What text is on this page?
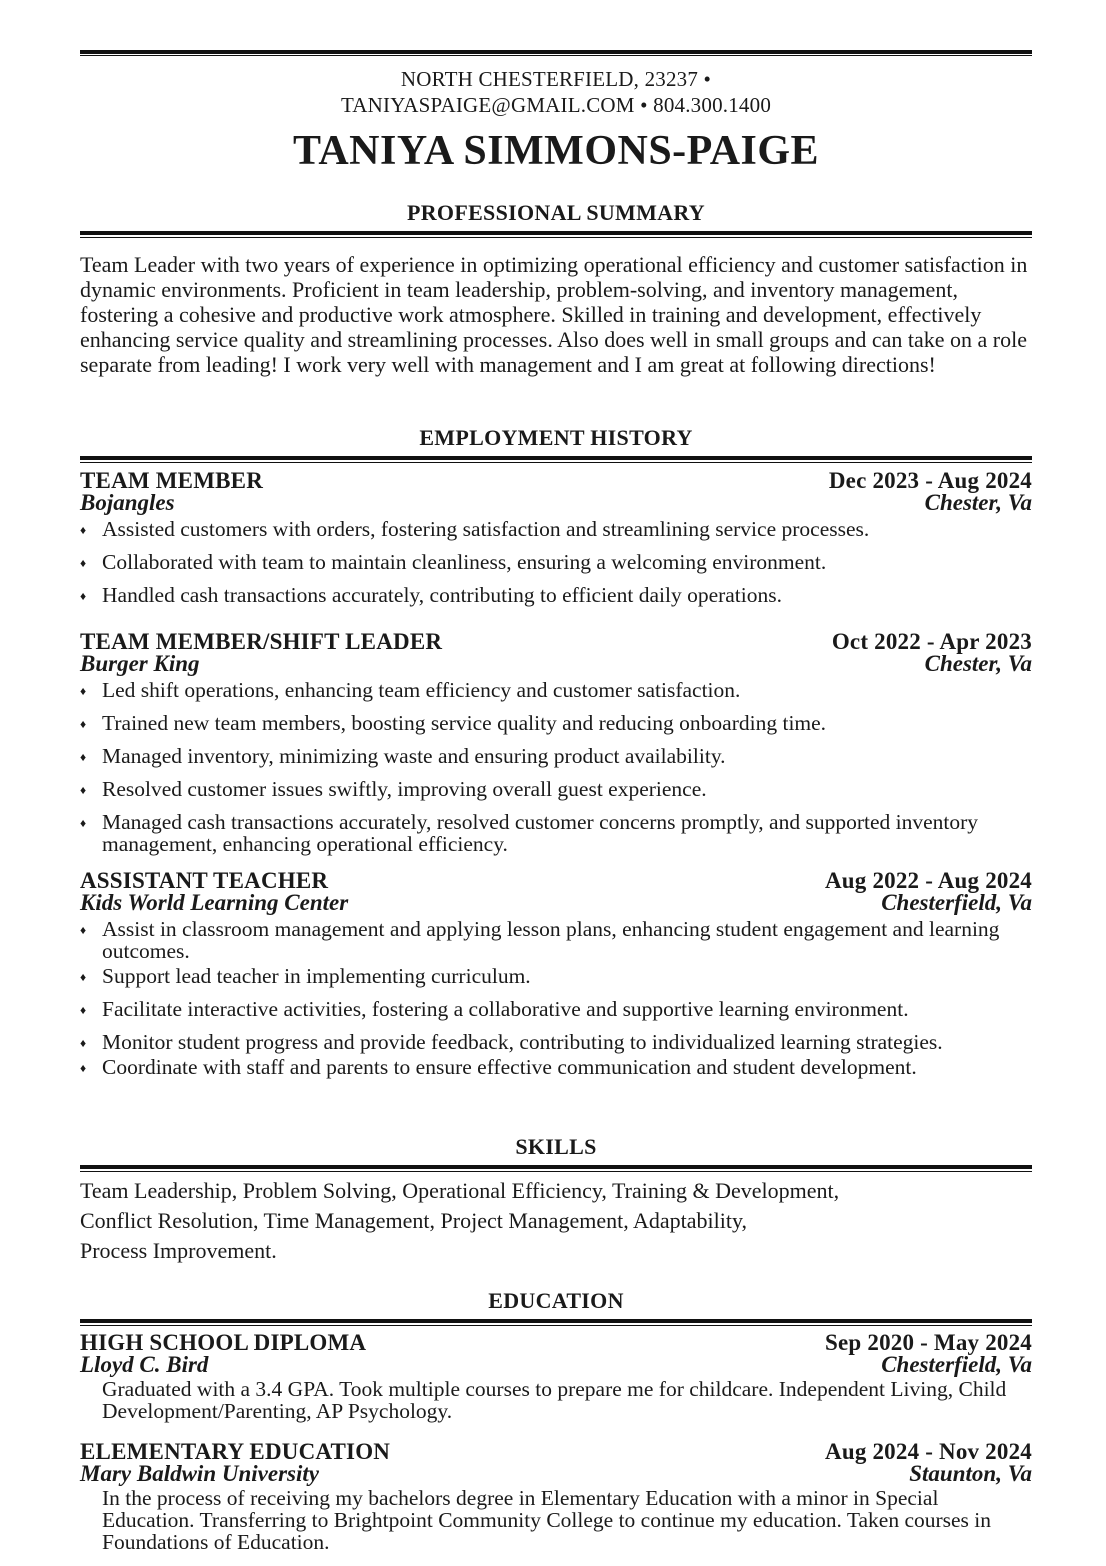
NORTH CHESTERFIELD, 23237 •
TANIYASPAIGE@GMAIL.COM • 804.300.1400
TANIYA SIMMONS-PAIGE
PROFESSIONAL SUMMARY
Team Leader with two years of experience in optimizing operational efficiency and customer satisfaction in dynamic environments. Proficient in team leadership, problem-solving, and inventory management, fostering a cohesive and productive work atmosphere. Skilled in training and development, effectively enhancing service quality and streamlining processes. Also does well in small groups and can take on a role separate from leading! I work very well with management and I am great at following directions!
EMPLOYMENT HISTORY
TEAM MEMBER	Dec 2023 - Aug 2024
Bojangles	Chester, Va
♦ Assisted customers with orders, fostering satisfaction and streamlining service processes.
♦ Collaborated with team to maintain cleanliness, ensuring a welcoming environment.
♦ Handled cash transactions accurately, contributing to efficient daily operations.
TEAM MEMBER/SHIFT LEADER	Oct 2022 - Apr 2023
Burger King	Chester, Va
♦ Led shift operations, enhancing team efficiency and customer satisfaction.
♦ Trained new team members, boosting service quality and reducing onboarding time.
♦ Managed inventory, minimizing waste and ensuring product availability.
♦ Resolved customer issues swiftly, improving overall guest experience.
♦ Managed cash transactions accurately, resolved customer concerns promptly, and supported inventory management, enhancing operational efficiency.
ASSISTANT TEACHER	Aug 2022 - Aug 2024
Kids World Learning Center	Chesterfield, Va
♦ Assist in classroom management and applying lesson plans, enhancing student engagement and learning outcomes.
♦ Support lead teacher in implementing curriculum.
♦ Facilitate interactive activities, fostering a collaborative and supportive learning environment.
♦ Monitor student progress and provide feedback, contributing to individualized learning strategies.
♦ Coordinate with staff and parents to ensure effective communication and student development.
SKILLS
Team Leadership, Problem Solving, Operational Efficiency, Training & Development,
Conflict Resolution, Time Management, Project Management, Adaptability,
Process Improvement.
EDUCATION
HIGH SCHOOL DIPLOMA	Sep 2020 - May 2024
Lloyd C. Bird	Chesterfield, Va
Graduated with a 3.4 GPA. Took multiple courses to prepare me for childcare. Independent Living, Child Development/Parenting, AP Psychology.
ELEMENTARY EDUCATION	Aug 2024 - Nov 2024
Mary Baldwin University	Staunton, Va
In the process of receiving my bachelors degree in Elementary Education with a minor in Special Education. Transferring to Brightpoint Community College to continue my education. Taken courses in Foundations of Education.
